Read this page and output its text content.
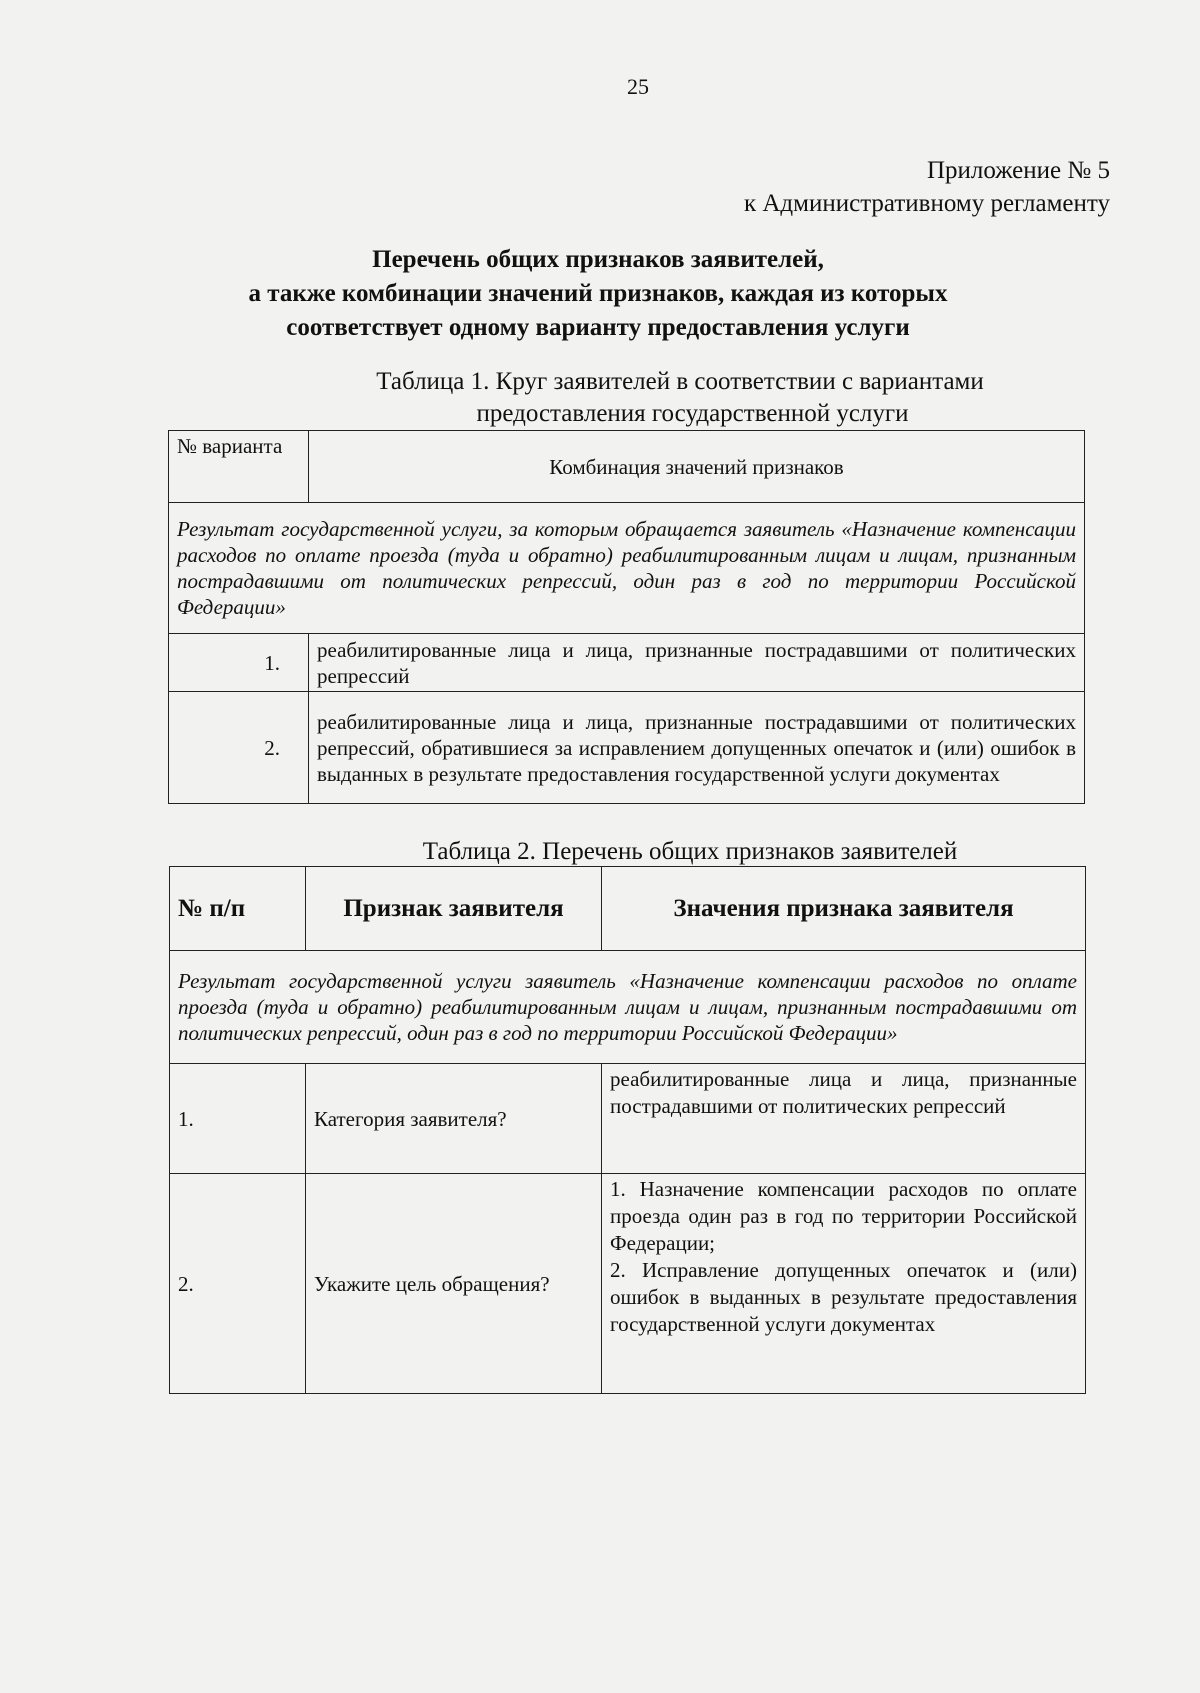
25
Приложение № 5
к Административному регламенту
Перечень общих признаков заявителей,
а также комбинации значений признаков, каждая из которых
соответствует одному варианту предоставления услуги
Таблица 1. Круг заявителей в соответствии с вариантами
предоставления государственной услуги
№ варианта	Комбинация значений признаков
Результат государственной услуги, за которым обращается заявитель «Назначение компенсации расходов по оплате проезда (туда и обратно) реабилитированным лицам и лицам, признанным пострадавшими от политических репрессий, один раз в год по территории Российской Федерации»	
1.	реабилитированные лица и лица, признанные пострадавшими от политических репрессий
2.	реабилитированные лица и лица, признанные пострадавшими от политических репрессий, обратившиеся за исправлением допущенных опечаток и (или) ошибок в выданных в результате предоставления государственной услуги документах
Таблица 2. Перечень общих признаков заявителей
№ п/п	Признак заявителя	Значения признака заявителя
Результат государственной услуги заявитель «Назначение компенсации расходов по оплате проезда (туда и обратно) реабилитированным лицам и лицам, признанным пострадавшими от политических репрессий, один раз в год по территории Российской Федерации»		
1.	Категория заявителя?	реабилитированные лица и лица, признанные пострадавшими от политических репрессий

2.	Укажите цель обращения?	1. Назначение компенсации расходов по оплате проезда один раз в год по территории Российской Федерации;
2. Исправление допущенных опечаток и (или) ошибок в выданных в результате предоставления государственной услуги документах
